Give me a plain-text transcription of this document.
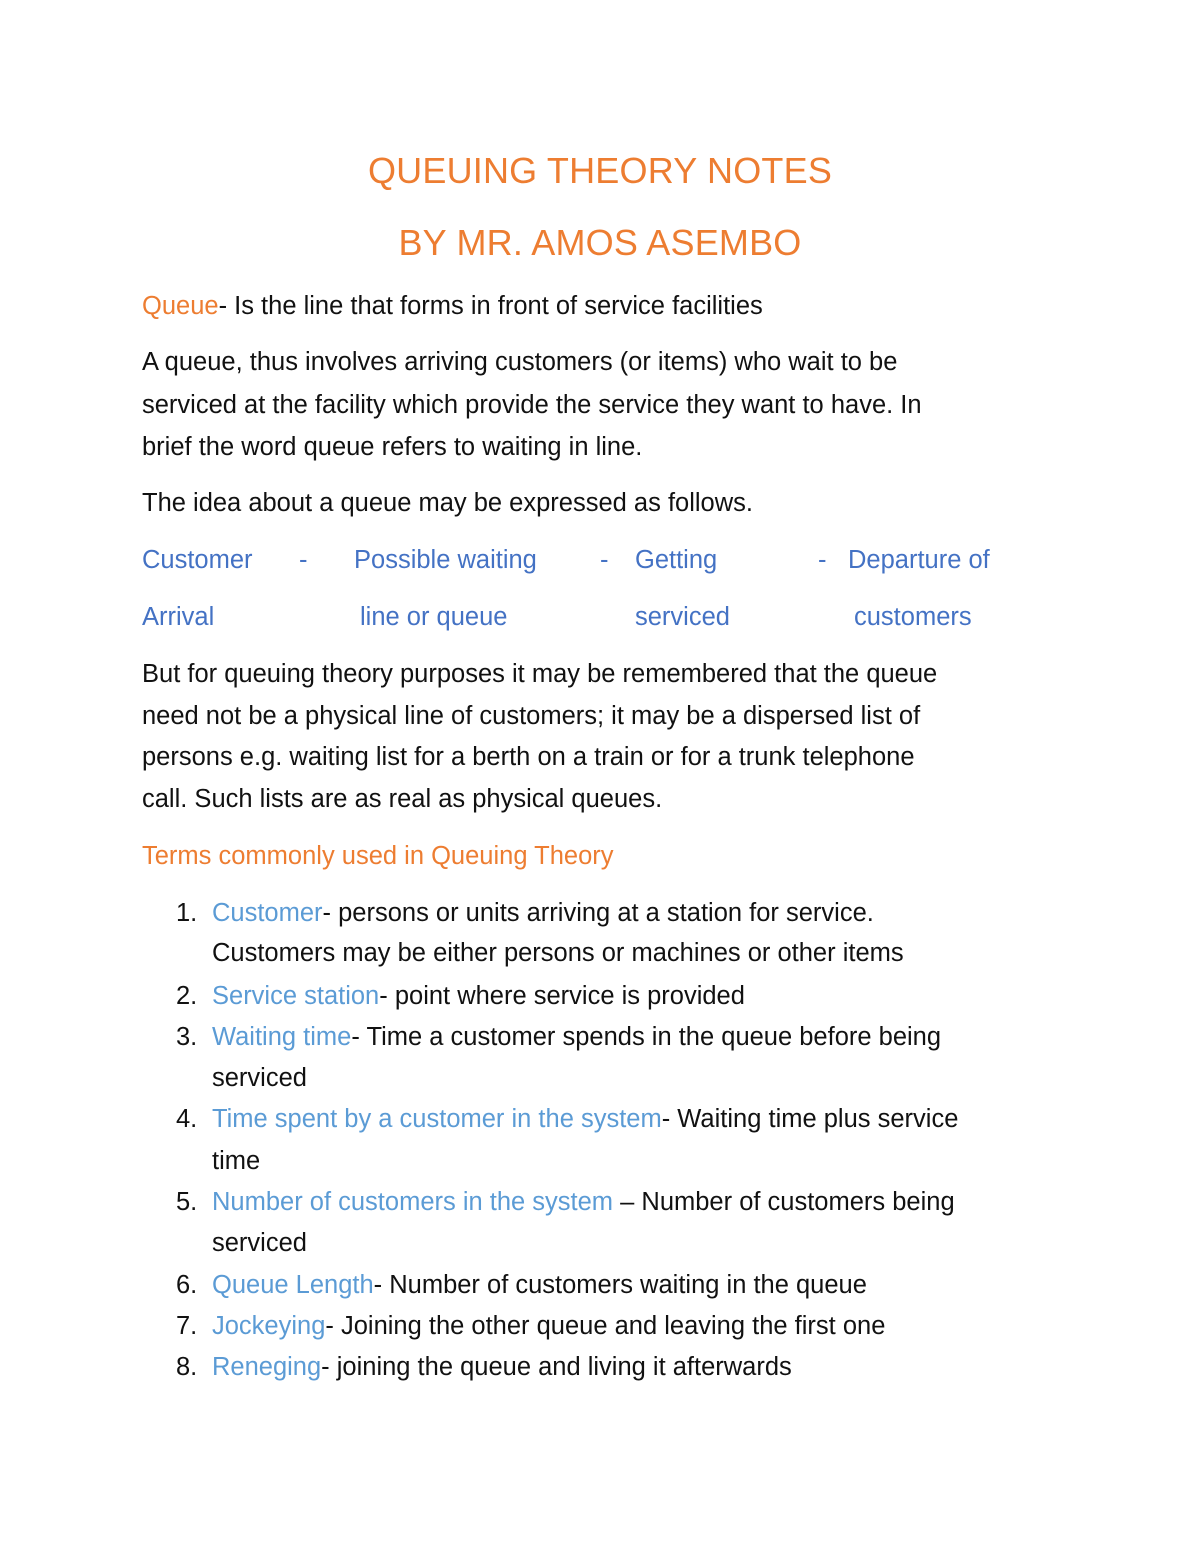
QUEUING THEORY NOTES
BY MR. AMOS ASEMBO

Queue- Is the line that forms in front of service facilities

A queue, thus involves arriving customers (or items) who wait to be

serviced at the facility which provide the service they want to have. In

brief the word queue refers to waiting in line.

The idea about a queue may be expressed as follows.

Customer - Possible waiting - Getting	- Departure of
Arrival	line or queue	serviced	customers

But for queuing theory purposes it may be remembered that the queue

need not be a physical line of customers; it may be a dispersed list of

persons e.g. waiting list for a berth on a train or for a trunk telephone

call. Such lists are as real as physical queues.

Terms commonly used in Queuing Theory

1. Customer- persons or units arriving at a station for service.
Customers may be either persons or machines or other items
2. Service station- point where service is provided
3. Waiting time- Time a customer spends in the queue before being
serviced
4. Time spent by a customer in the system- Waiting time plus service
time
5. Number of customers in the system – Number of customers being
serviced
6. Queue Length- Number of customers waiting in the queue
7. Jockeying- Joining the other queue and leaving the first one
8. Reneging- joining the queue and living it afterwards
